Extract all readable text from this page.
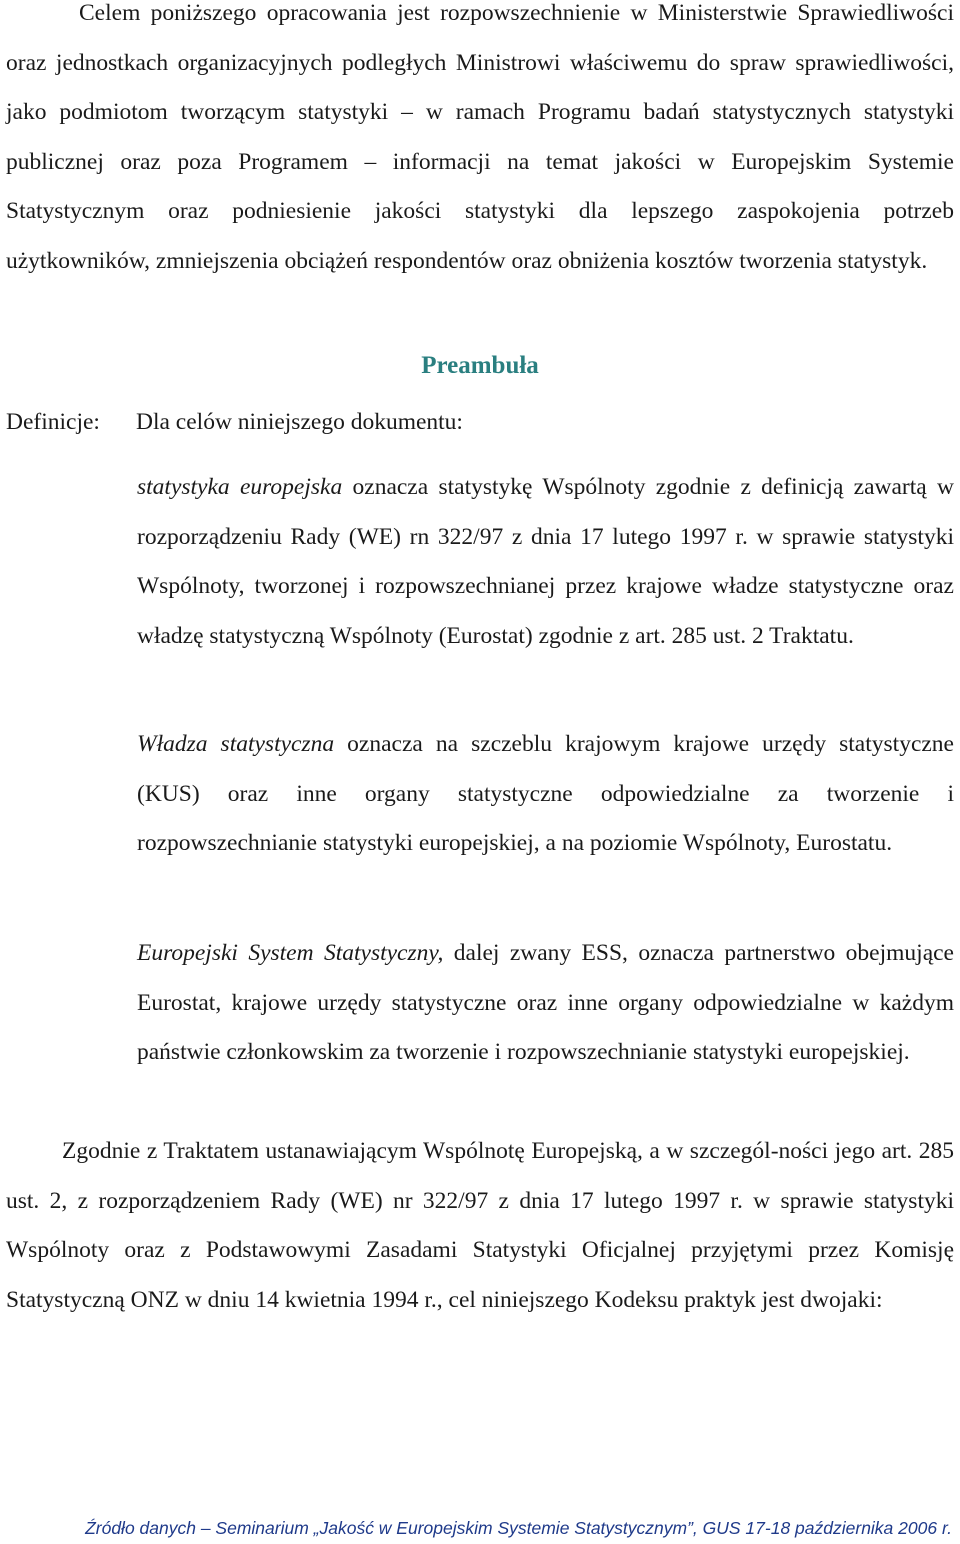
Celem poniższego opracowania jest rozpowszechnienie w Ministerstwie Sprawiedliwości oraz jednostkach organizacyjnych podległych Ministrowi właściwemu do spraw sprawiedliwości, jako podmiotom tworzącym statystyki – w ramach Programu badań statystycznych statystyki publicznej oraz poza Programem – informacji na temat jakości w Europejskim Systemie Statystycznym oraz podniesienie jakości statystyki dla lepszego zaspokojenia potrzeb użytkowników, zmniejszenia obciążeń respondentów oraz obniżenia kosztów tworzenia statystyk.

Preambuła

Definicje: Dla celów niniejszego dokumentu:

statystyka europejska oznacza statystykę Wspólnoty zgodnie z definicją zawartą w rozporządzeniu Rady (WE) rn 322/97 z dnia 17 lutego 1997 r. w sprawie statystyki Wspólnoty, tworzonej i rozpowszechnianej przez krajowe władze statystyczne oraz władzę statystyczną Wspólnoty (Eurostat) zgodnie z art. 285 ust. 2 Traktatu.

Władza statystyczna oznacza na szczeblu krajowym krajowe urzędy statystyczne (KUS) oraz inne organy statystyczne odpowiedzialne za tworzenie i rozpowszechnianie statystyki europejskiej, a na poziomie Wspólnoty, Eurostatu.

Europejski System Statystyczny, dalej zwany ESS, oznacza partnerstwo obejmujące Eurostat, krajowe urzędy statystyczne oraz inne organy odpowiedzialne w każdym państwie członkowskim za tworzenie i rozpowszechnianie statystyki europejskiej.

Zgodnie z Traktatem ustanawiającym Wspólnotę Europejską, a w szczegól-ności jego art. 285 ust. 2, z rozporządzeniem Rady (WE) nr 322/97 z dnia 17 lutego 1997 r. w sprawie statystyki Wspólnoty oraz z Podstawowymi Zasadami Statystyki Oficjalnej przyjętymi przez Komisję Statystyczną ONZ w dniu 14 kwietnia 1994 r., cel niniejszego Kodeksu praktyk jest dwojaki:

Źródło danych – Seminarium „Jakość w Europejskim Systemie Statystycznym”, GUS 17-18 października 2006 r.
